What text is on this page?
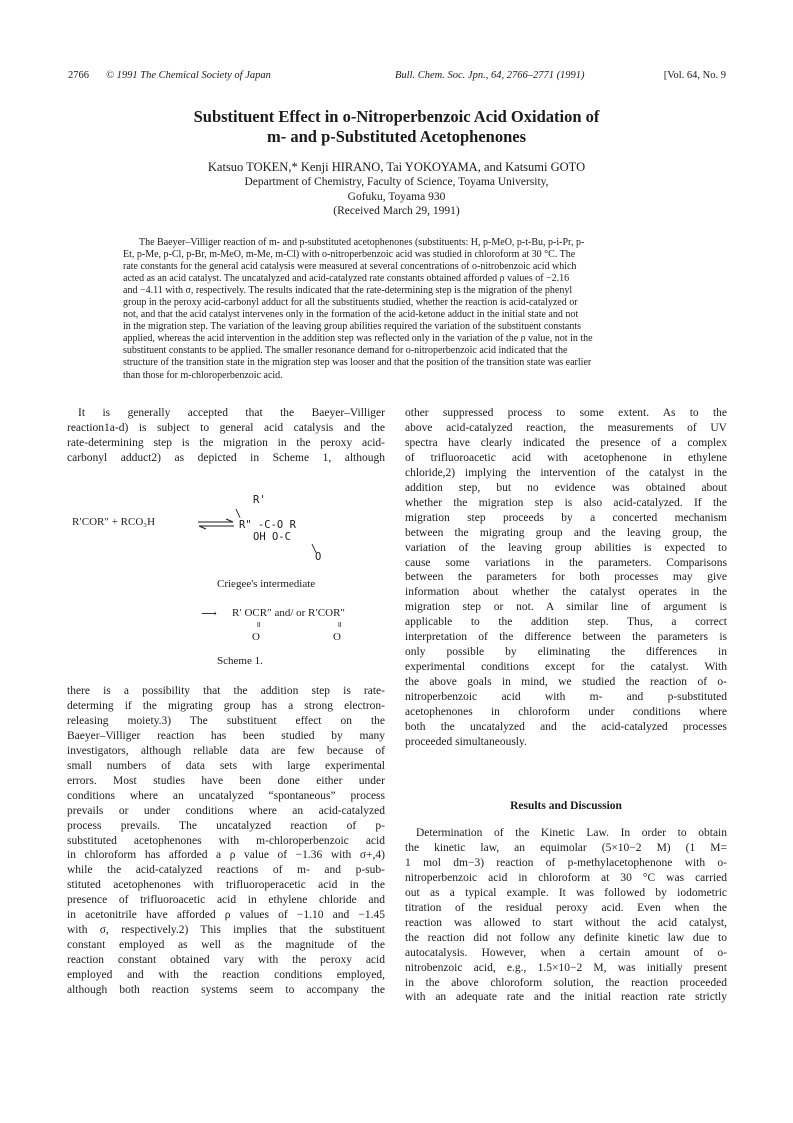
2766 © 1991 The Chemical Society of Japan	Bull. Chem. Soc. Jpn., 64, 2766–2771 (1991)	[Vol. 64, No. 9
Substituent Effect in o-Nitroperbenzoic Acid Oxidation of
m- and p-Substituted Acetophenones
Katsuo TOKEN,* Kenji HIRANO, Tai YOKOYAMA, and Katsumi GOTO
Department of Chemistry, Faculty of Science, Toyama University,
Gofuku, Toyama 930
(Received March 29, 1991)
The Baeyer–Villiger reaction of m- and p-substituted acetophenones (substituents: H, p-MeO, p-t-Bu, p-i-Pr, p-
Et, p-Me, p-Cl, p-Br, m-MeO, m-Me, m-Cl) with o-nitroperbenzoic acid was studied in chloroform at 30 °C. The
rate constants for the general acid catalysis were measured at several concentrations of o-nitrobenzoic acid which
acted as an acid catalyst. The uncatalyzed and acid-catalyzed rate constants obtained afforded ρ values of −2.16
and −4.11 with σ, respectively. The results indicated that the rate-determining step is the migration of the phenyl
group in the peroxy acid-carbonyl adduct for all the substituents studied, whether the reaction is acid-catalyzed or
not, and that the acid catalyst intervenes only in the formation of the acid-ketone adduct in the initial state and not
in the migration step. The variation of the leaving group abilities required the variation of the substituent constants
applied, whereas the acid intervention in the addition step was reflected only in the variation of the ρ value, not in the
substituent constants to be applied. The smaller resonance demand for o-nitroperbenzoic acid indicated that the
structure of the transition state in the migration step was looser and that the position of the transition state was earlier
than those for m-chloroperbenzoic acid.
It is generally accepted that the Baeyer–Villiger
reaction1a-d) is subject to general acid catalysis and the
rate-determining step is the migration in the peroxy acid-
carbonyl adduct2) as depicted in Scheme 1, although
R'
R′COR″ + RCO₃H
\
R" -C-O R
OH O-C
\
O
Criegee's intermediate
⟶ R′ OCR″ and/ or R′COR″
॥
O
॥
O
Scheme 1.
there is a possibility that the addition step is rate-
determing if the migrating group has a strong electron-
releasing moiety.3) The substituent effect on the
Baeyer–Villiger reaction has been studied by many
investigators, although reliable data are few because of
small numbers of data sets with large experimental
errors. Most studies have been done either under
conditions where an uncatalyzed “spontaneous” process
prevails or under conditions where an acid-catalyzed
process prevails. The uncatalyzed reaction of p-
substituted acetophenones with m-chloroperbenzoic acid
in chloroform has afforded a ρ value of −1.36 with σ+,4)
while the acid-catalyzed reactions of m- and p-sub-
stituted acetophenones with trifluoroperacetic acid in the
presence of trifluoroacetic acid in ethylene chloride and
in acetonitrile have afforded ρ values of −1.10 and −1.45
with σ, respectively.2) This implies that the substituent
constant employed as well as the magnitude of the
reaction constant obtained vary with the peroxy acid
employed and with the reaction conditions employed,
although both reaction systems seem to accompany the
other suppressed process to some extent. As to the
above acid-catalyzed reaction, the measurements of UV
spectra have clearly indicated the presence of a complex
of trifluoroacetic acid with acetophenone in ethylene
chloride,2) implying the intervention of the catalyst in the
addition step, but no evidence was obtained about
whether the migration step is also acid-catalyzed. If the
migration step proceeds by a concerted mechanism
between the migrating group and the leaving group, the
variation of the leaving group abilities is expected to
cause some variations in the parameters. Comparisons
between the parameters for both processes may give
information about whether the catalyst operates in the
migration step or not. A similar line of argument is
applicable to the addition step. Thus, a correct
interpretation of the difference between the parameters is
only possible by eliminating the differences in
experimental conditions except for the catalyst. With
the above goals in mind, we studied the reaction of o-
nitroperbenzoic acid with m- and p-substituted
acetophenones in chloroform under conditions where
both the uncatalyzed and the acid-catalyzed processes
proceeded simultaneously.
Results and Discussion
Determination of the Kinetic Law. In order to obtain
the kinetic law, an equimolar (5×10−2 M) (1 M=
1 mol dm−3) reaction of p-methylacetophenone with o-
nitroperbenzoic acid in chloroform at 30 °C was carried
out as a typical example. It was followed by iodometric
titration of the residual peroxy acid. Even when the
reaction was allowed to start without the acid catalyst,
the reaction did not follow any definite kinetic law due to
autocatalysis. However, when a certain amount of o-
nitrobenzoic acid, e.g., 1.5×10−2 M, was initially present
in the above chloroform solution, the reaction proceeded
with an adequate rate and the initial reaction rate strictly
